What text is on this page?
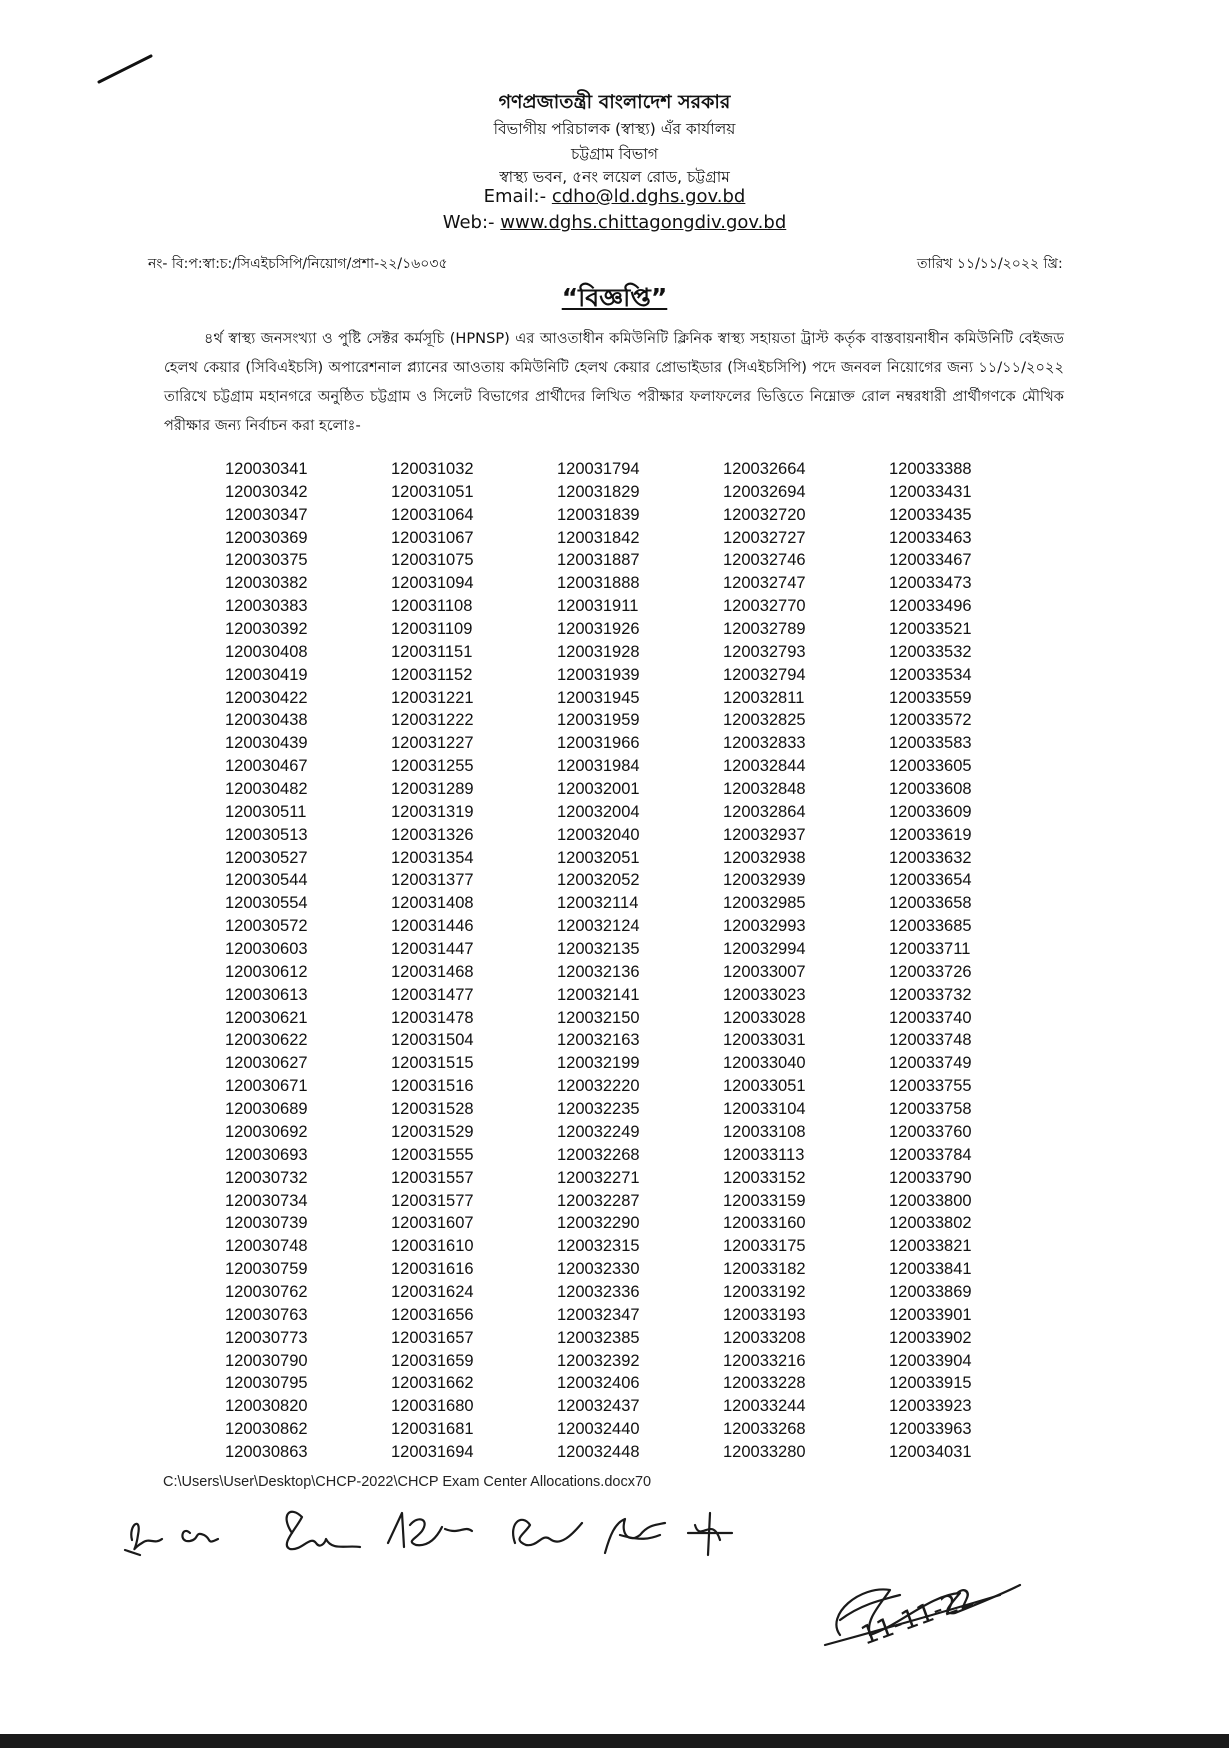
গণপ্রজাতন্ত্রী বাংলাদেশ সরকার
বিভাগীয় পরিচালক (স্বাস্থ্য) এঁর কার্যালয়
চট্টগ্রাম বিভাগ
স্বাস্থ্য ভবন, ৫নং লয়েল রোড, চট্টগ্রাম
Email:- cdho@ld.dghs.gov.bd
Web:- www.dghs.chittagongdiv.gov.bd
নং- বি:প:স্বা:চ:/সিএইচসিপি/নিয়োগ/প্রশা-২২/১৬০৩৫	তারিখ ১১/১১/২০২২ খ্রি:
“বিজ্ঞপ্তি”
৪র্থ স্বাস্থ্য জনসংখ্যা ও পুষ্টি সেক্টর কর্মসূচি (HPNSP) এর আওতাধীন কমিউনিটি ক্লিনিক স্বাস্থ্য সহায়তা ট্রাস্ট কর্তৃক বাস্তবায়নাধীন কমিউনিটি বেইজড হেলথ কেয়ার (সিবিএইচসি) অপারেশনাল প্ল্যানের আওতায় কমিউনিটি হেলথ কেয়ার প্রোভাইডার (সিএইচসিপি) পদে জনবল নিয়োগের জন্য ১১/১১/২০২২ তারিখে চট্টগ্রাম মহানগরে অনুষ্ঠিত চট্টগ্রাম ও সিলেট বিভাগের প্রার্থীদের লিখিত পরীক্ষার ফলাফলের ভিত্তিতে নিম্নোক্ত রোল নম্বরধারী প্রার্থীগণকে মৌখিক পরীক্ষার জন্য নির্বাচন করা হলোঃ-
120030341
120030342
120030347
120030369
120030375
120030382
120030383
120030392
120030408
120030419
120030422
120030438
120030439
120030467
120030482
120030511
120030513
120030527
120030544
120030554
120030572
120030603
120030612
120030613
120030621
120030622
120030627
120030671
120030689
120030692
120030693
120030732
120030734
120030739
120030748
120030759
120030762
120030763
120030773
120030790
120030795
120030820
120030862
120030863
120031032
120031051
120031064
120031067
120031075
120031094
120031108
120031109
120031151
120031152
120031221
120031222
120031227
120031255
120031289
120031319
120031326
120031354
120031377
120031408
120031446
120031447
120031468
120031477
120031478
120031504
120031515
120031516
120031528
120031529
120031555
120031557
120031577
120031607
120031610
120031616
120031624
120031656
120031657
120031659
120031662
120031680
120031681
120031694
120031794
120031829
120031839
120031842
120031887
120031888
120031911
120031926
120031928
120031939
120031945
120031959
120031966
120031984
120032001
120032004
120032040
120032051
120032052
120032114
120032124
120032135
120032136
120032141
120032150
120032163
120032199
120032220
120032235
120032249
120032268
120032271
120032287
120032290
120032315
120032330
120032336
120032347
120032385
120032392
120032406
120032437
120032440
120032448
120032664
120032694
120032720
120032727
120032746
120032747
120032770
120032789
120032793
120032794
120032811
120032825
120032833
120032844
120032848
120032864
120032937
120032938
120032939
120032985
120032993
120032994
120033007
120033023
120033028
120033031
120033040
120033051
120033104
120033108
120033113
120033152
120033159
120033160
120033175
120033182
120033192
120033193
120033208
120033216
120033228
120033244
120033268
120033280
120033388
120033431
120033435
120033463
120033467
120033473
120033496
120033521
120033532
120033534
120033559
120033572
120033583
120033605
120033608
120033609
120033619
120033632
120033654
120033658
120033685
120033711
120033726
120033732
120033740
120033748
120033749
120033755
120033758
120033760
120033784
120033790
120033800
120033802
120033821
120033841
120033869
120033901
120033902
120033904
120033915
120033923
120033963
120034031
C:\Users\User\Desktop\CHCP-2022\CHCP Exam Center Allocations.docx70
11-11-22
